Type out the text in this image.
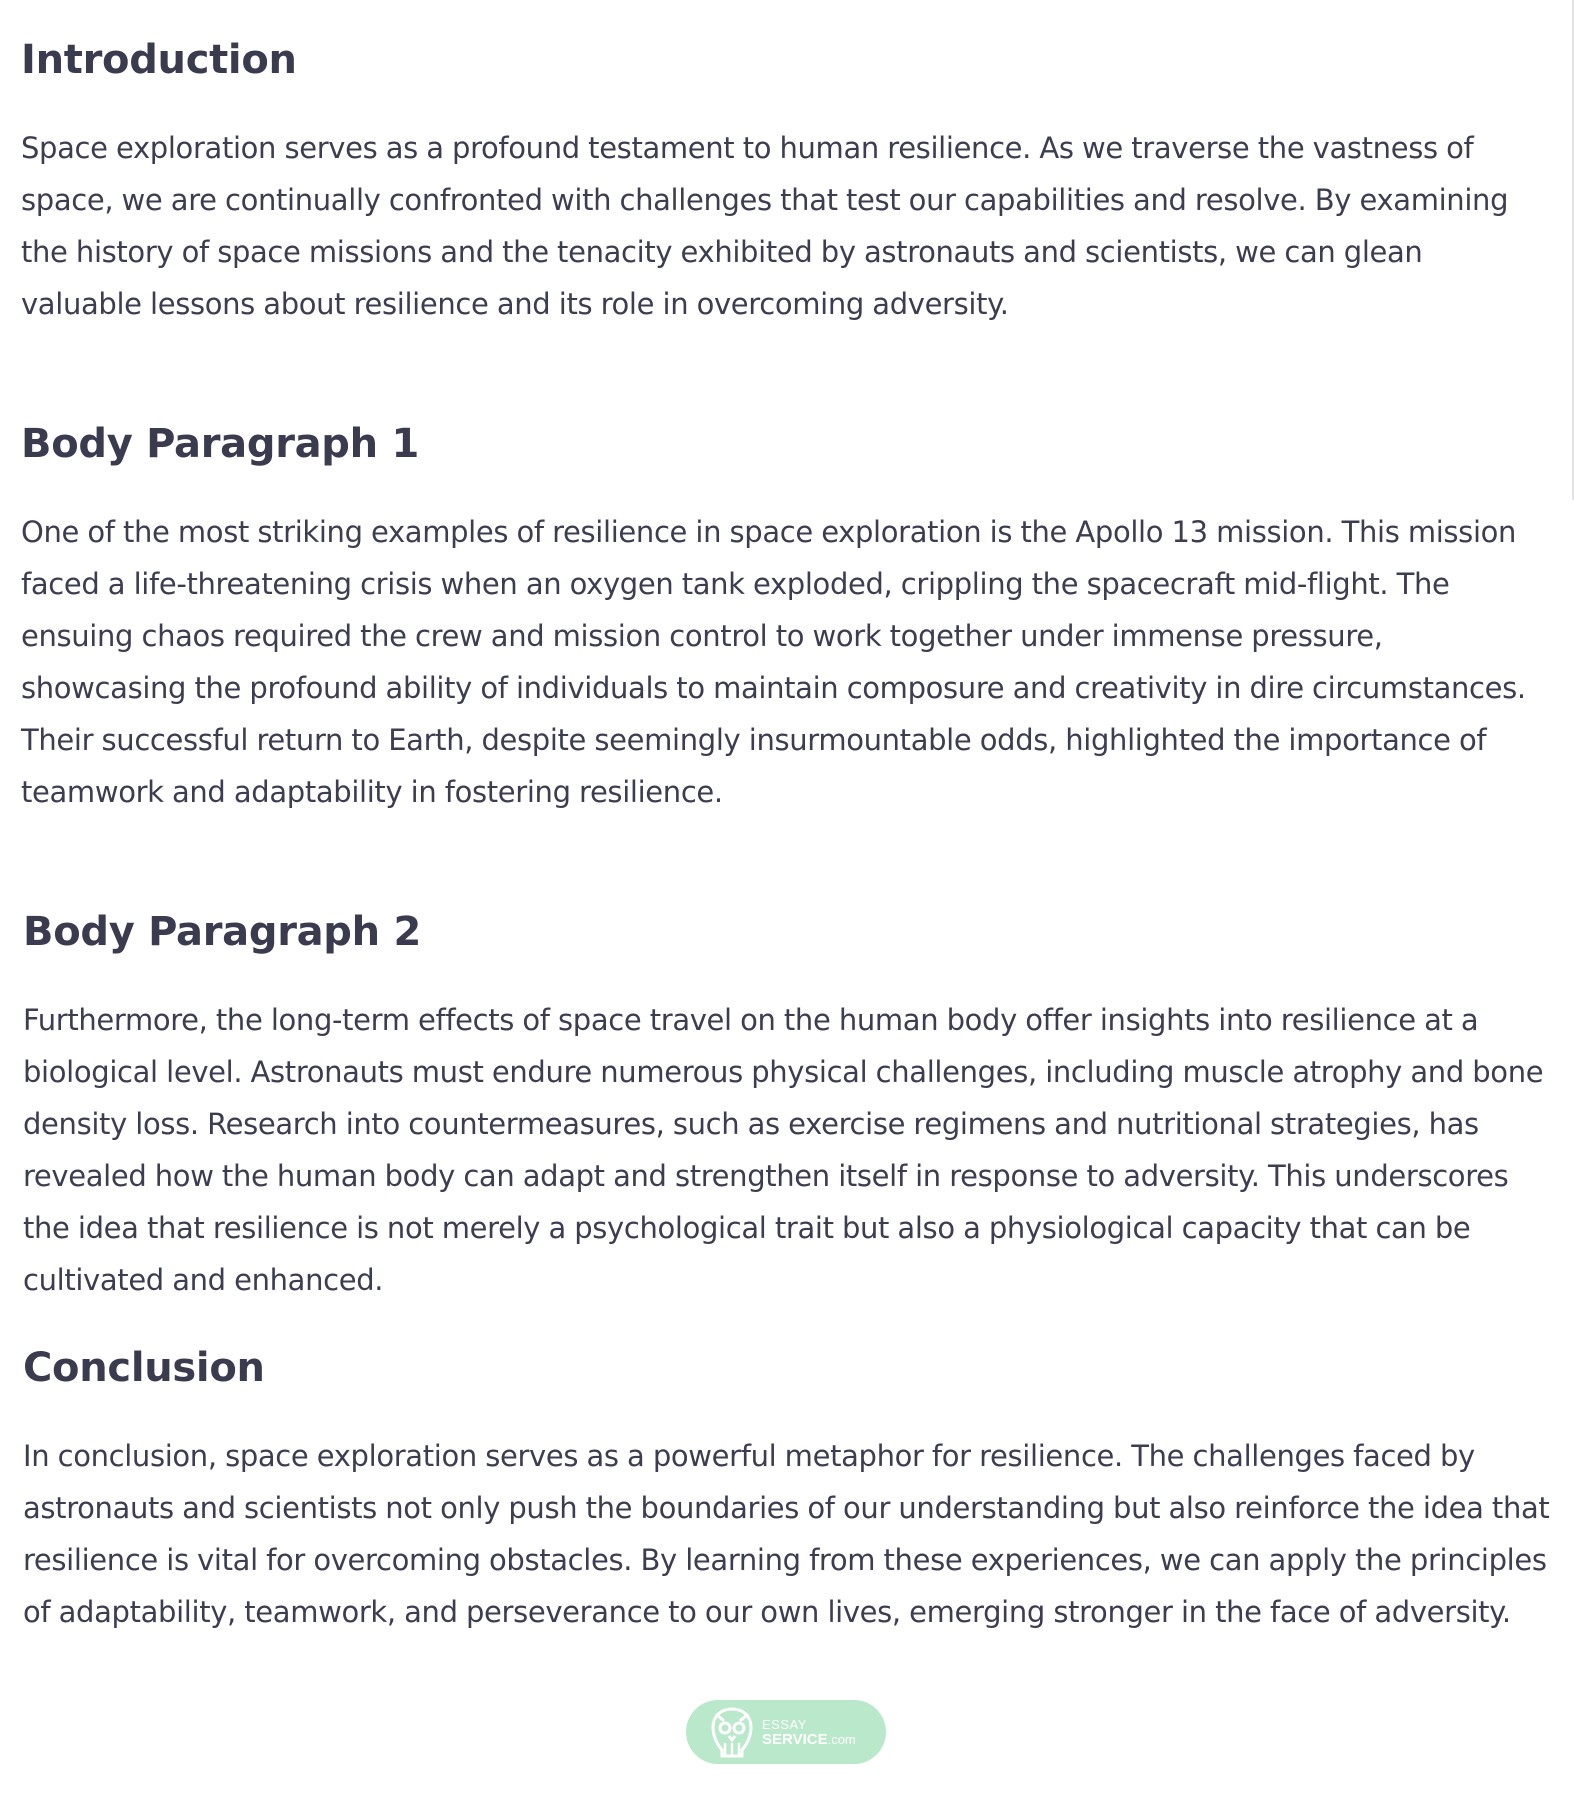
Introduction

Space exploration serves as a profound testament to human resilience. As we traverse the vastness of space, we are continually confronted with challenges that test our capabilities and resolve. By examining the history of space missions and the tenacity exhibited by astronauts and scientists, we can glean valuable lessons about resilience and its role in overcoming adversity.

Body Paragraph 1

One of the most striking examples of resilience in space exploration is the Apollo 13 mission. This mission faced a life-threatening crisis when an oxygen tank exploded, crippling the spacecraft mid-flight. The ensuing chaos required the crew and mission control to work together under immense pressure, showcasing the profound ability of individuals to maintain composure and creativity in dire circumstances. Their successful return to Earth, despite seemingly insurmountable odds, highlighted the importance of teamwork and adaptability in fostering resilience.

Body Paragraph 2

Furthermore, the long-term effects of space travel on the human body offer insights into resilience at a biological level. Astronauts must endure numerous physical challenges, including muscle atrophy and bone density loss. Research into countermeasures, such as exercise regimens and nutritional strategies, has revealed how the human body can adapt and strengthen itself in response to adversity. This underscores the idea that resilience is not merely a psychological trait but also a physiological capacity that can be cultivated and enhanced.

Conclusion

In conclusion, space exploration serves as a powerful metaphor for resilience. The challenges faced by astronauts and scientists not only push the boundaries of our understanding but also reinforce the idea that resilience is vital for overcoming obstacles. By learning from these experiences, we can apply the principles of adaptability, teamwork, and perseverance to our own lives, emerging stronger in the face of adversity.

ESSAY
SERVICE.com
